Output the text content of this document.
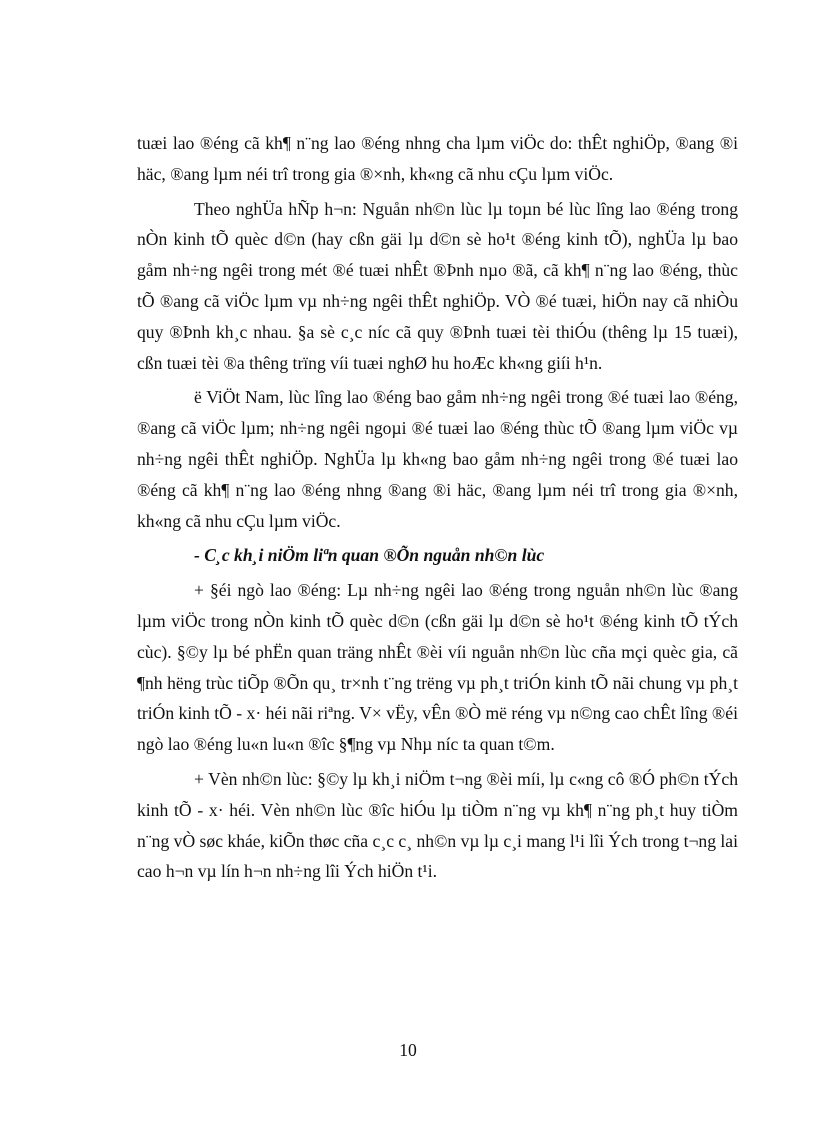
tuæi lao ®éng cã kh¶ n¨ng lao ®éng nhng cha lµm viÖc do: thÊt nghiÖp, ®ang ®i häc, ®ang lµm néi trî trong gia ®×nh, kh«ng cã nhu cÇu lµm viÖc.

Theo nghÜa hÑp h¬n: Nguån nh©n lùc lµ toµn bé lùc lîng lao ®éng trong nÒn kinh tÕ quèc d©n (hay cßn gäi lµ d©n sè ho¹t ®éng kinh tÕ), nghÜa lµ bao gåm nh÷ng ngêi trong mét ®é tuæi nhÊt ®Þnh nµo ®ã, cã kh¶ n¨ng lao ®éng, thùc tÕ ®ang cã viÖc lµm vµ nh÷ng ngêi thÊt nghiÖp. VÒ ®é tuæi, hiÖn nay cã nhiÒu quy ®Þnh kh¸c nhau. §a sè c¸c níc cã quy ®Þnh tuæi tèi thiÓu (thêng lµ 15 tuæi), cßn tuæi tèi ®a thêng trïng víi tuæi nghØ hu hoÆc kh«ng giíi h¹n.

ë ViÖt Nam, lùc lîng lao ®éng bao gåm nh÷ng ngêi trong ®é tuæi lao ®éng, ®ang cã viÖc lµm; nh÷ng ngêi ngoµi ®é tuæi lao ®éng thùc tÕ ®ang lµm viÖc vµ nh÷ng ngêi thÊt nghiÖp. NghÜa lµ kh«ng bao gåm nh÷ng ngêi trong ®é tuæi lao ®éng cã kh¶ n¨ng lao ®éng nhng ®ang ®i häc, ®ang lµm néi trî trong gia ®×nh, kh«ng cã nhu cÇu lµm viÖc.

- C¸c kh¸i niÖm liªn quan ®Õn nguån nh©n lùc

+ §éi ngò lao ®éng: Lµ nh÷ng ngêi lao ®éng trong nguån nh©n lùc ®ang lµm viÖc trong nÒn kinh tÕ quèc d©n (cßn gäi lµ d©n sè ho¹t ®éng kinh tÕ tÝch cùc). §©y lµ bé phËn quan träng nhÊt ®èi víi nguån nh©n lùc cña mçi quèc gia, cã ¶nh hëng trùc tiÕp ®Õn qu¸ tr×nh t¨ng trëng vµ ph¸t triÓn kinh tÕ nãi chung vµ ph¸t triÓn kinh tÕ - x· héi nãi riªng. V× vËy, vÊn ®Ò më réng vµ n©ng cao chÊt lîng ®éi ngò lao ®éng lu«n lu«n ®îc §¶ng vµ Nhµ níc ta quan t©m.

+ Vèn nh©n lùc: §©y lµ kh¸i niÖm t¬ng ®èi míi, lµ c«ng cô ®Ó ph©n tÝch kinh tÕ - x· héi. Vèn nh©n lùc ®îc hiÓu lµ tiÒm n¨ng vµ kh¶ n¨ng ph¸t huy tiÒm n¨ng vÒ søc kháe, kiÕn thøc cña c¸c c¸ nh©n vµ lµ c¸i mang l¹i lîi Ých trong t¬ng lai cao h¬n vµ lín h¬n nh÷ng lîi Ých hiÖn t¹i.

10
